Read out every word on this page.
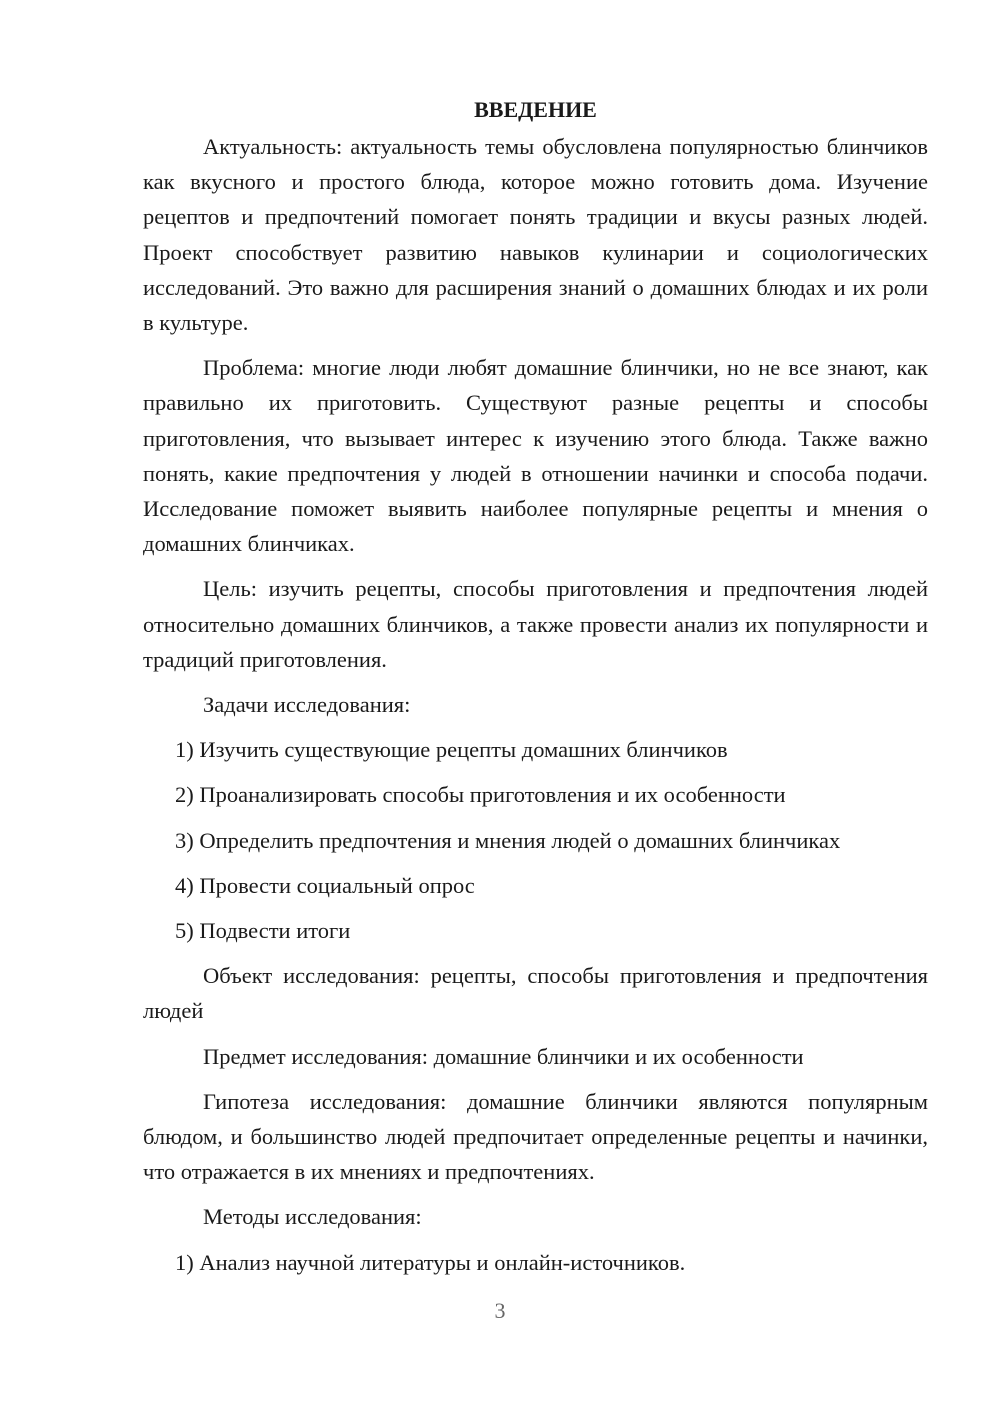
ВВЕДЕНИЕ

Актуальность: актуальность темы обусловлена популярностью блинчиков как вкусного и простого блюда, которое можно готовить дома. Изучение рецептов и предпочтений помогает понять традиции и вкусы разных людей. Проект способствует развитию навыков кулинарии и социологических исследований. Это важно для расширения знаний о домашних блюдах и их роли в культуре.

Проблема: многие люди любят домашние блинчики, но не все знают, как правильно их приготовить. Существуют разные рецепты и способы приготовления, что вызывает интерес к изучению этого блюда. Также важно понять, какие предпочтения у людей в отношении начинки и способа подачи. Исследование поможет выявить наиболее популярные рецепты и мнения о домашних блинчиках.

Цель: изучить рецепты, способы приготовления и предпочтения людей относительно домашних блинчиков, а также провести анализ их популярности и традиций приготовления.

Задачи исследования:
1) Изучить существующие рецепты домашних блинчиков
2) Проанализировать способы приготовления и их особенности
3) Определить предпочтения и мнения людей о домашних блинчиках
4) Провести социальный опрос
5) Подвести итоги

Объект исследования: рецепты, способы приготовления и предпочтения людей

Предмет исследования: домашние блинчики и их особенности

Гипотеза исследования: домашние блинчики являются популярным блюдом, и большинство людей предпочитает определенные рецепты и начинки, что отражается в их мнениях и предпочтениях.

Методы исследования:
1) Анализ научной литературы и онлайн-источников.
3
